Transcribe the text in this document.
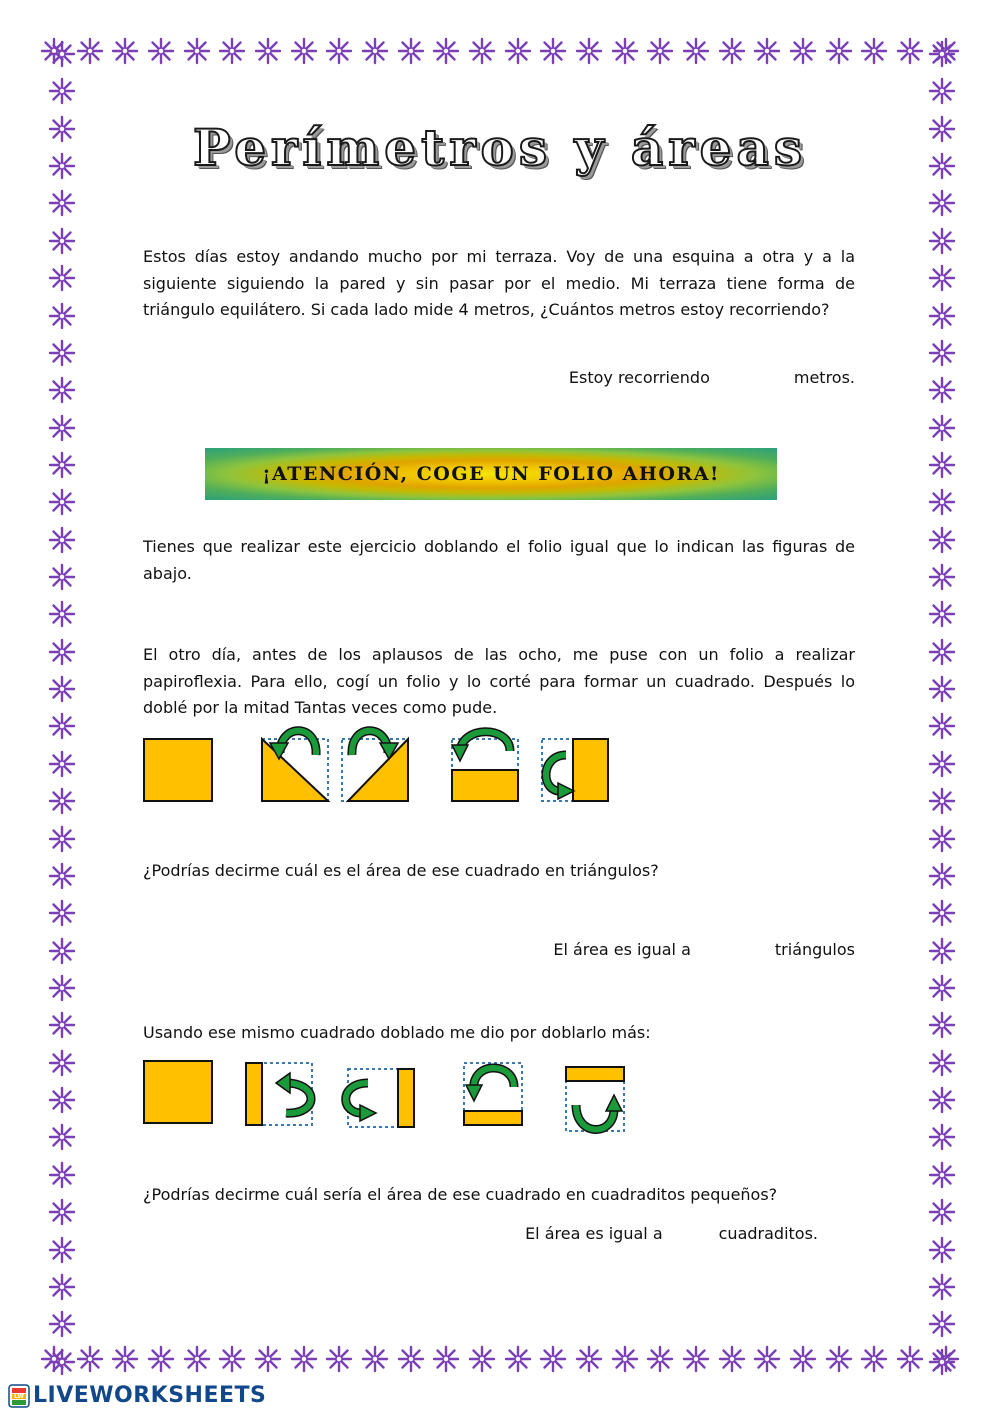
Perímetros y áreas

Estos días estoy andando mucho por mi terraza. Voy de una esquina a otra y a la siguiente siguiendo la pared y sin pasar por el medio. Mi terraza tiene forma de triángulo equilátero. Si cada lado mide 4 metros, ¿Cuántos metros estoy recorriendo?

Estoy recorriendo	metros.
¡ATENCIÓN, COGE UN FOLIO AHORA!

Tienes que realizar este ejercicio doblando el folio igual que lo indican las figuras de abajo.

El otro día, antes de los aplausos de las ocho, me puse con un folio a realizar papiroflexia. Para ello, cogí un folio y lo corté para formar un cuadrado. Después lo doblé por la mitad Tantas veces como pude.

¿Podrías decirme cuál es el área de ese cuadrado en triángulos?
El área es igual a	triángulos
Usando ese mismo cuadrado doblado me dio por doblarlo más:
¿Podrías decirme cuál sería el área de ese cuadrado en cuadraditos pequeños?
El área es igual a	cuadraditos.
LW LIVEWORKSHEETS
